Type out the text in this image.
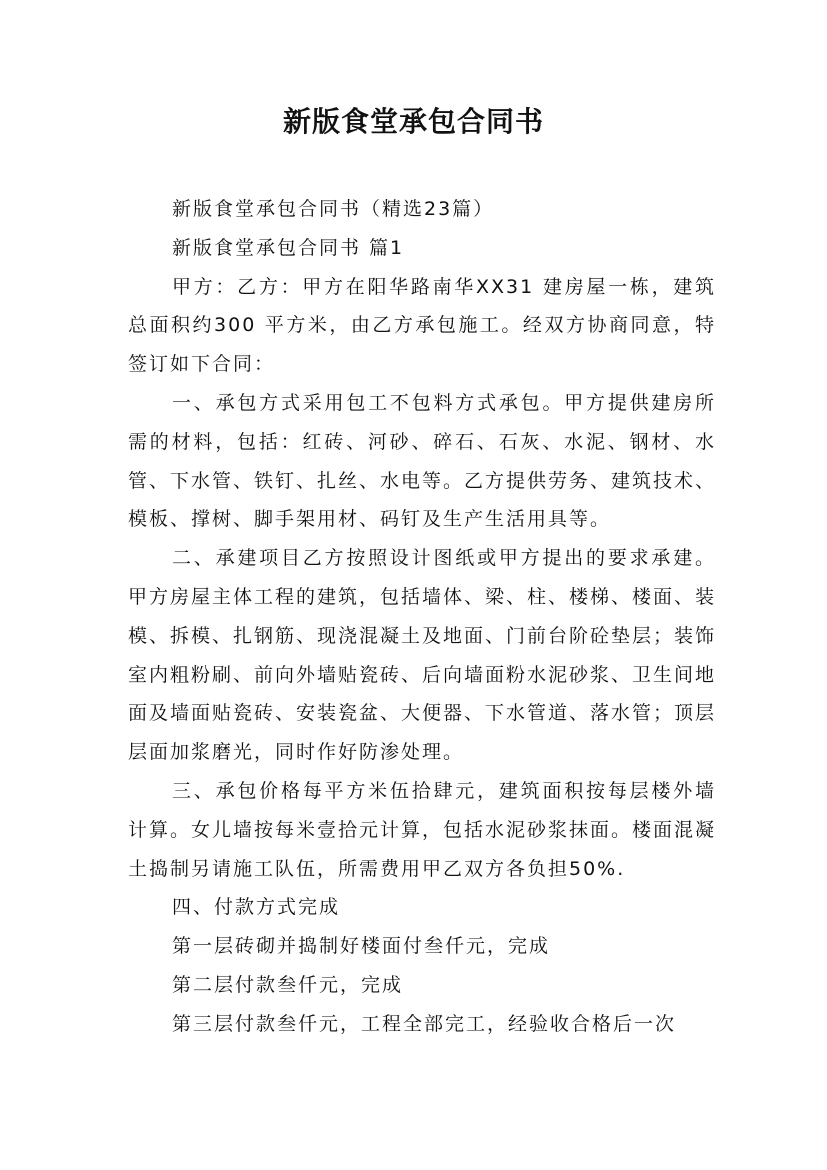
新版食堂承包合同书

新版食堂承包合同书（精选23篇）

新版食堂承包合同书 篇1

甲方：乙方：甲方在阳华路南华XX31 建房屋一栋，建筑总面积约300 平方米，由乙方承包施工。经双方协商同意，特签订如下合同：

一、承包方式采用包工不包料方式承包。甲方提供建房所需的材料，包括：红砖、河砂、碎石、石灰、水泥、钢材、水管、下水管、铁钉、扎丝、水电等。乙方提供劳务、建筑技术、模板、撑树、脚手架用材、码钉及生产生活用具等。

二、承建项目乙方按照设计图纸或甲方提出的要求承建。甲方房屋主体工程的建筑，包括墙体、梁、柱、楼梯、楼面、装模、拆模、扎钢筋、现浇混凝土及地面、门前台阶砼垫层；装饰室内粗粉刷、前向外墙贴瓷砖、后向墙面粉水泥砂浆、卫生间地面及墙面贴瓷砖、安装瓷盆、大便器、下水管道、落水管；顶层层面加浆磨光，同时作好防渗处理。

三、承包价格每平方米伍拾肆元，建筑面积按每层楼外墙计算。女儿墙按每米壹拾元计算，包括水泥砂浆抹面。楼面混凝土捣制另请施工队伍，所需费用甲乙双方各负担50%.

四、付款方式完成

第一层砖砌并捣制好楼面付叁仟元，完成

第二层付款叁仟元，完成

第三层付款叁仟元，工程全部完工，经验收合格后一次
